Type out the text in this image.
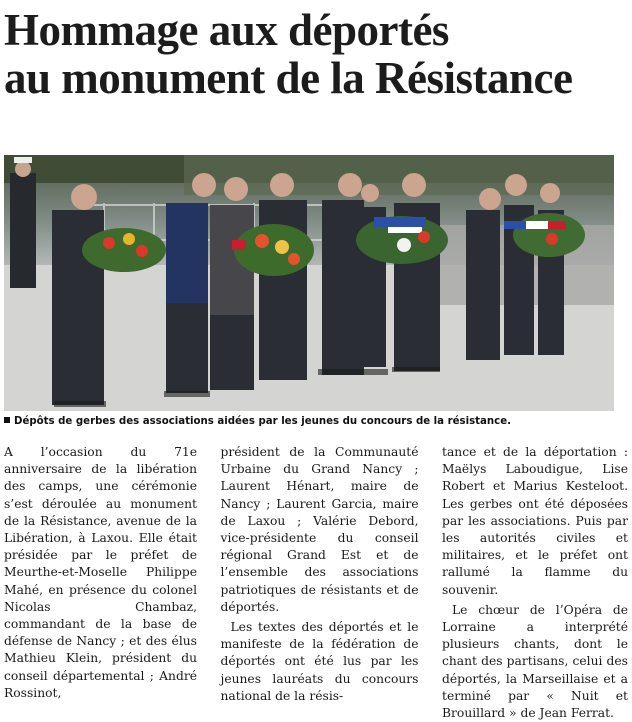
Hommage aux déportés
au monument de la Résistance
Dépôts de gerbes des associations aidées par les jeunes du concours de la résistance.

A l’occasion du 71e anniversaire de la libération des camps, une cérémonie s’est déroulée au monument de la Résistance, avenue de la Libération, à Laxou. Elle était présidée par le préfet de Meurthe-et-Moselle Philippe Mahé, en présence du colonel Nicolas Chambaz, commandant de la base de défense de Nancy ; et des élus Mathieu Klein, président du conseil départemental ; André Rossinot,

président de la Communauté Urbaine du Grand Nancy ; Laurent Hénart, maire de Nancy ; Laurent Garcia, maire de Laxou ; Valérie Debord, vice-présidente du conseil régional Grand Est et de l’ensemble des associations patriotiques de résistants et de déportés.

Les textes des déportés et le manifeste de la fédération de déportés ont été lus par les jeunes lauréats du concours national de la résis-

tance et de la déportation : Maëlys Laboudigue, Lise Robert et Marius Kesteloot. Les gerbes ont été déposées par les associations. Puis par les autorités civiles et militaires, et le préfet ont rallumé la flamme du souvenir.

Le chœur de l’Opéra de Lorraine a interprété plusieurs chants, dont le chant des partisans, celui des déportés, la Marseillaise et a terminé par « Nuit et Brouillard » de Jean Ferrat.
